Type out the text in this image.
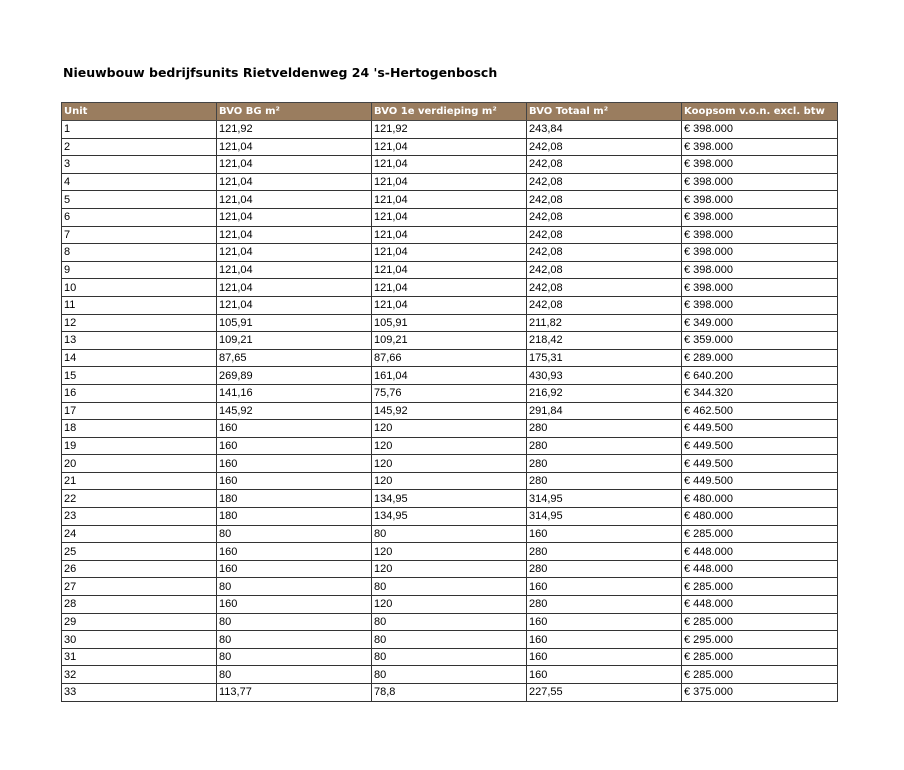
Nieuwbouw bedrijfsunits Rietveldenweg 24 's-Hertogenbosch
Unit	BVO BG m²	BVO 1e verdieping m²	BVO Totaal m²	Koopsom v.o.n. excl. btw
1	121,92	121,92	243,84	€ 398.000
2	121,04	121,04	242,08	€ 398.000
3	121,04	121,04	242,08	€ 398.000
4	121,04	121,04	242,08	€ 398.000
5	121,04	121,04	242,08	€ 398.000
6	121,04	121,04	242,08	€ 398.000
7	121,04	121,04	242,08	€ 398.000
8	121,04	121,04	242,08	€ 398.000
9	121,04	121,04	242,08	€ 398.000
10	121,04	121,04	242,08	€ 398.000
11	121,04	121,04	242,08	€ 398.000
12	105,91	105,91	211,82	€ 349.000
13	109,21	109,21	218,42	€ 359.000
14	87,65	87,66	175,31	€ 289.000
15	269,89	161,04	430,93	€ 640.200
16	141,16	75,76	216,92	€ 344.320
17	145,92	145,92	291,84	€ 462.500
18	160	120	280	€ 449.500
19	160	120	280	€ 449.500
20	160	120	280	€ 449.500
21	160	120	280	€ 449.500
22	180	134,95	314,95	€ 480.000
23	180	134,95	314,95	€ 480.000
24	80	80	160	€ 285.000
25	160	120	280	€ 448.000
26	160	120	280	€ 448.000
27	80	80	160	€ 285.000
28	160	120	280	€ 448.000
29	80	80	160	€ 285.000
30	80	80	160	€ 295.000
31	80	80	160	€ 285.000
32	80	80	160	€ 285.000
33	113,77	78,8	227,55	€ 375.000
